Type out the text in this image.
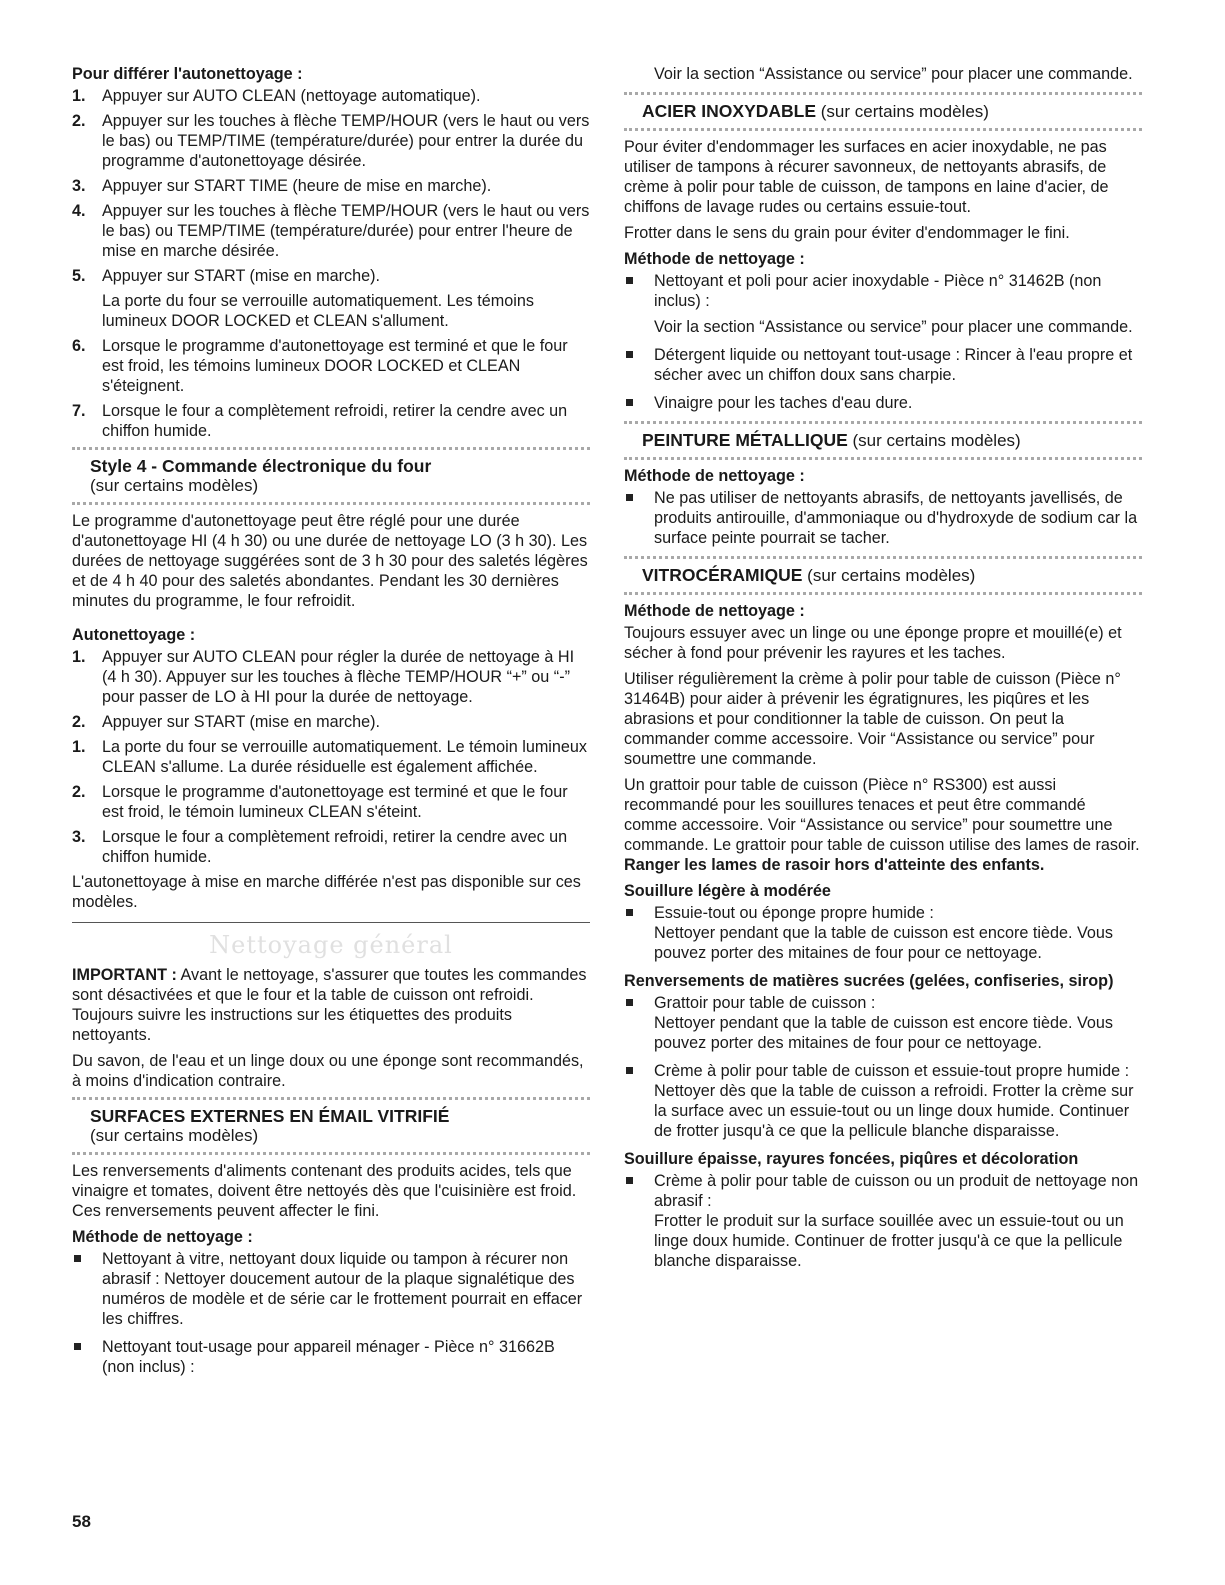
Pour différer l'autonettoyage :

1. Appuyer sur AUTO CLEAN (nettoyage automatique).
2. Appuyer sur les touches à flèche TEMP/HOUR (vers le haut ou vers le bas) ou TEMP/TIME (température/durée) pour entrer la durée du programme d'autonettoyage désirée.
3. Appuyer sur START TIME (heure de mise en marche).
4. Appuyer sur les touches à flèche TEMP/HOUR (vers le haut ou vers le bas) ou TEMP/TIME (température/durée) pour entrer l'heure de mise en marche désirée.
5. Appuyer sur START (mise en marche).
La porte du four se verrouille automatiquement. Les témoins lumineux DOOR LOCKED et CLEAN s'allument.
6. Lorsque le programme d'autonettoyage est terminé et que le four est froid, les témoins lumineux DOOR LOCKED et CLEAN s'éteignent.
7. Lorsque le four a complètement refroidi, retirer la cendre avec un chiffon humide.
Style 4 - Commande électronique du four
(sur certains modèles)

Le programme d'autonettoyage peut être réglé pour une durée d'autonettoyage HI (4 h 30) ou une durée de nettoyage LO (3 h 30). Les durées de nettoyage suggérées sont de 3 h 30 pour des saletés légères et de 4 h 40 pour des saletés abondantes. Pendant les 30 dernières minutes du programme, le four refroidit.

Autonettoyage :

1. Appuyer sur AUTO CLEAN pour régler la durée de nettoyage à HI (4 h 30). Appuyer sur les touches à flèche TEMP/HOUR “+” ou “-” pour passer de LO à HI pour la durée de nettoyage.
2. Appuyer sur START (mise en marche).
1. La porte du four se verrouille automatiquement. Le témoin lumineux CLEAN s'allume. La durée résiduelle est également affichée.
2. Lorsque le programme d'autonettoyage est terminé et que le four est froid, le témoin lumineux CLEAN s'éteint.
3. Lorsque le four a complètement refroidi, retirer la cendre avec un chiffon humide.

L'autonettoyage à mise en marche différée n'est pas disponible sur ces modèles.

Nettoyage général

IMPORTANT : Avant le nettoyage, s'assurer que toutes les commandes sont désactivées et que le four et la table de cuisson ont refroidi. Toujours suivre les instructions sur les étiquettes des produits nettoyants.

Du savon, de l'eau et un linge doux ou une éponge sont recommandés, à moins d'indication contraire.

SURFACES EXTERNES EN ÉMAIL VITRIFIÉ
(sur certains modèles)

Les renversements d'aliments contenant des produits acides, tels que vinaigre et tomates, doivent être nettoyés dès que l'cuisinière est froid. Ces renversements peuvent affecter le fini.

Méthode de nettoyage :

Nettoyant à vitre, nettoyant doux liquide ou tampon à récurer non abrasif : Nettoyer doucement autour de la plaque signalétique des numéros de modèle et de série car le frottement pourrait en effacer les chiffres.
Nettoyant tout-usage pour appareil ménager - Pièce n° 31662B (non inclus) :
58

Voir la section “Assistance ou service” pour placer une commande.

ACIER INOXYDABLE (sur certains modèles)

Pour éviter d'endommager les surfaces en acier inoxydable, ne pas utiliser de tampons à récurer savonneux, de nettoyants abrasifs, de crème à polir pour table de cuisson, de tampons en laine d'acier, de chiffons de lavage rudes ou certains essuie-tout.

Frotter dans le sens du grain pour éviter d'endommager le fini.

Méthode de nettoyage :

Nettoyant et poli pour acier inoxydable - Pièce n° 31462B (non inclus) :
Voir la section “Assistance ou service” pour placer une commande.
Détergent liquide ou nettoyant tout-usage : Rincer à l'eau propre et sécher avec un chiffon doux sans charpie.
Vinaigre pour les taches d'eau dure.
PEINTURE MÉTALLIQUE (sur certains modèles)

Méthode de nettoyage :

Ne pas utiliser de nettoyants abrasifs, de nettoyants javellisés, de produits antirouille, d'ammoniaque ou d'hydroxyde de sodium car la surface peinte pourrait se tacher.
VITROCÉRAMIQUE (sur certains modèles)

Méthode de nettoyage :

Toujours essuyer avec un linge ou une éponge propre et mouillé(e) et sécher à fond pour prévenir les rayures et les taches.

Utiliser régulièrement la crème à polir pour table de cuisson (Pièce n° 31464B) pour aider à prévenir les égratignures, les piqûres et les abrasions et pour conditionner la table de cuisson. On peut la commander comme accessoire. Voir “Assistance ou service” pour soumettre une commande.

Un grattoir pour table de cuisson (Pièce n° RS300) est aussi recommandé pour les souillures tenaces et peut être commandé comme accessoire. Voir “Assistance ou service” pour soumettre une commande. Le grattoir pour table de cuisson utilise des lames de rasoir. Ranger les lames de rasoir hors d'atteinte des enfants.

Souillure légère à modérée

Essuie-tout ou éponge propre humide :
Nettoyer pendant que la table de cuisson est encore tiède. Vous pouvez porter des mitaines de four pour ce nettoyage.

Renversements de matières sucrées (gelées, confiseries, sirop)

Grattoir pour table de cuisson :
Nettoyer pendant que la table de cuisson est encore tiède. Vous pouvez porter des mitaines de four pour ce nettoyage.
Crème à polir pour table de cuisson et essuie-tout propre humide :
Nettoyer dès que la table de cuisson a refroidi. Frotter la crème sur la surface avec un essuie-tout ou un linge doux humide. Continuer de frotter jusqu'à ce que la pellicule blanche disparaisse.

Souillure épaisse, rayures foncées, piqûres et décoloration

Crème à polir pour table de cuisson ou un produit de nettoyage non abrasif :
Frotter le produit sur la surface souillée avec un essuie-tout ou un linge doux humide. Continuer de frotter jusqu'à ce que la pellicule blanche disparaisse.
